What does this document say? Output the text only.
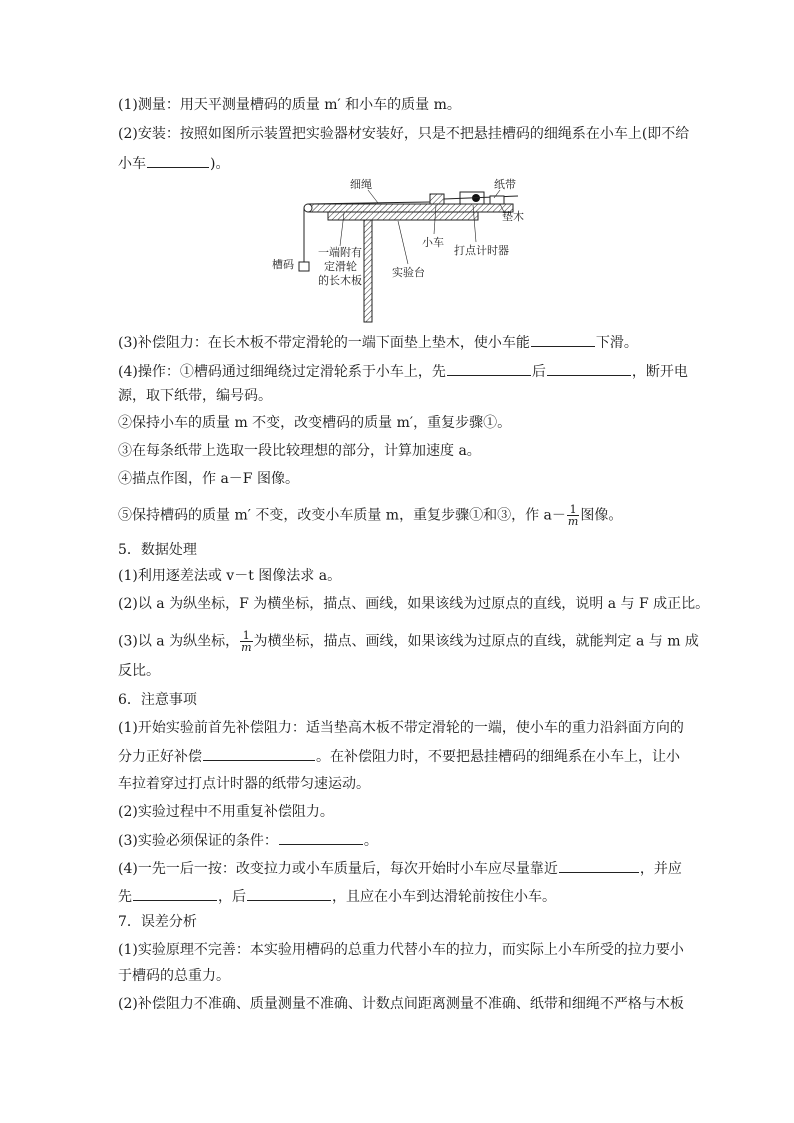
(1)测量：用天平测量槽码的质量 m′ 和小车的质量 m。
(2)安装：按照如图所示装置把实验器材安装好，只是不把悬挂槽码的细绳系在小车上(即不给
小车	)。
细绳	纸带
垫木
小车
打点计时器
槽码
一端附有
定滑轮
的长木板
实验台
(3)补偿阻力：在长木板不带定滑轮的一端下面垫上垫木，使小车能	下滑。
(4)操作：①槽码通过细绳绕过定滑轮系于小车上，先	后	，断开电
源，取下纸带，编号码。
②保持小车的质量 m 不变，改变槽码的质量 m′，重复步骤①。
③在每条纸带上选取一段比较理想的部分，计算加速度 a。
④描点作图，作 a－F 图像。
⑤保持槽码的质量 m′ 不变，改变小车质量 m，重复步骤①和③，作 $a- \frac{1}{m}$ 图像。
5．数据处理
(1)利用逐差法或 v－t 图像法求 a。
(2)以 a 为纵坐标，F 为横坐标，描点、画线，如果该线为过原点的直线，说明 a 与 F 成正比。
(3)以 a 为纵坐标， $\frac{1}{m}$ 为横坐标，描点、画线，如果该线为过原点的直线，就能判定 a 与 m 成
反比。
6．注意事项
(1)开始实验前首先补偿阻力：适当垫高木板不带定滑轮的一端，使小车的重力沿斜面方向的
分力正好补偿	。在补偿阻力时，不要把悬挂槽码的细绳系在小车上，让小
车拉着穿过打点计时器的纸带匀速运动。
(2)实验过程中不用重复补偿阻力。
(3)实验必须保证的条件：	。
(4)一先一后一按：改变拉力或小车质量后，每次开始时小车应尽量靠近	，并应
先	，后	，且应在小车到达滑轮前按住小车。
7．误差分析
(1)实验原理不完善：本实验用槽码的总重力代替小车的拉力，而实际上小车所受的拉力要小
于槽码的总重力。
(2)补偿阻力不准确、质量测量不准确、计数点间距离测量不准确、纸带和细绳不严格与木板
